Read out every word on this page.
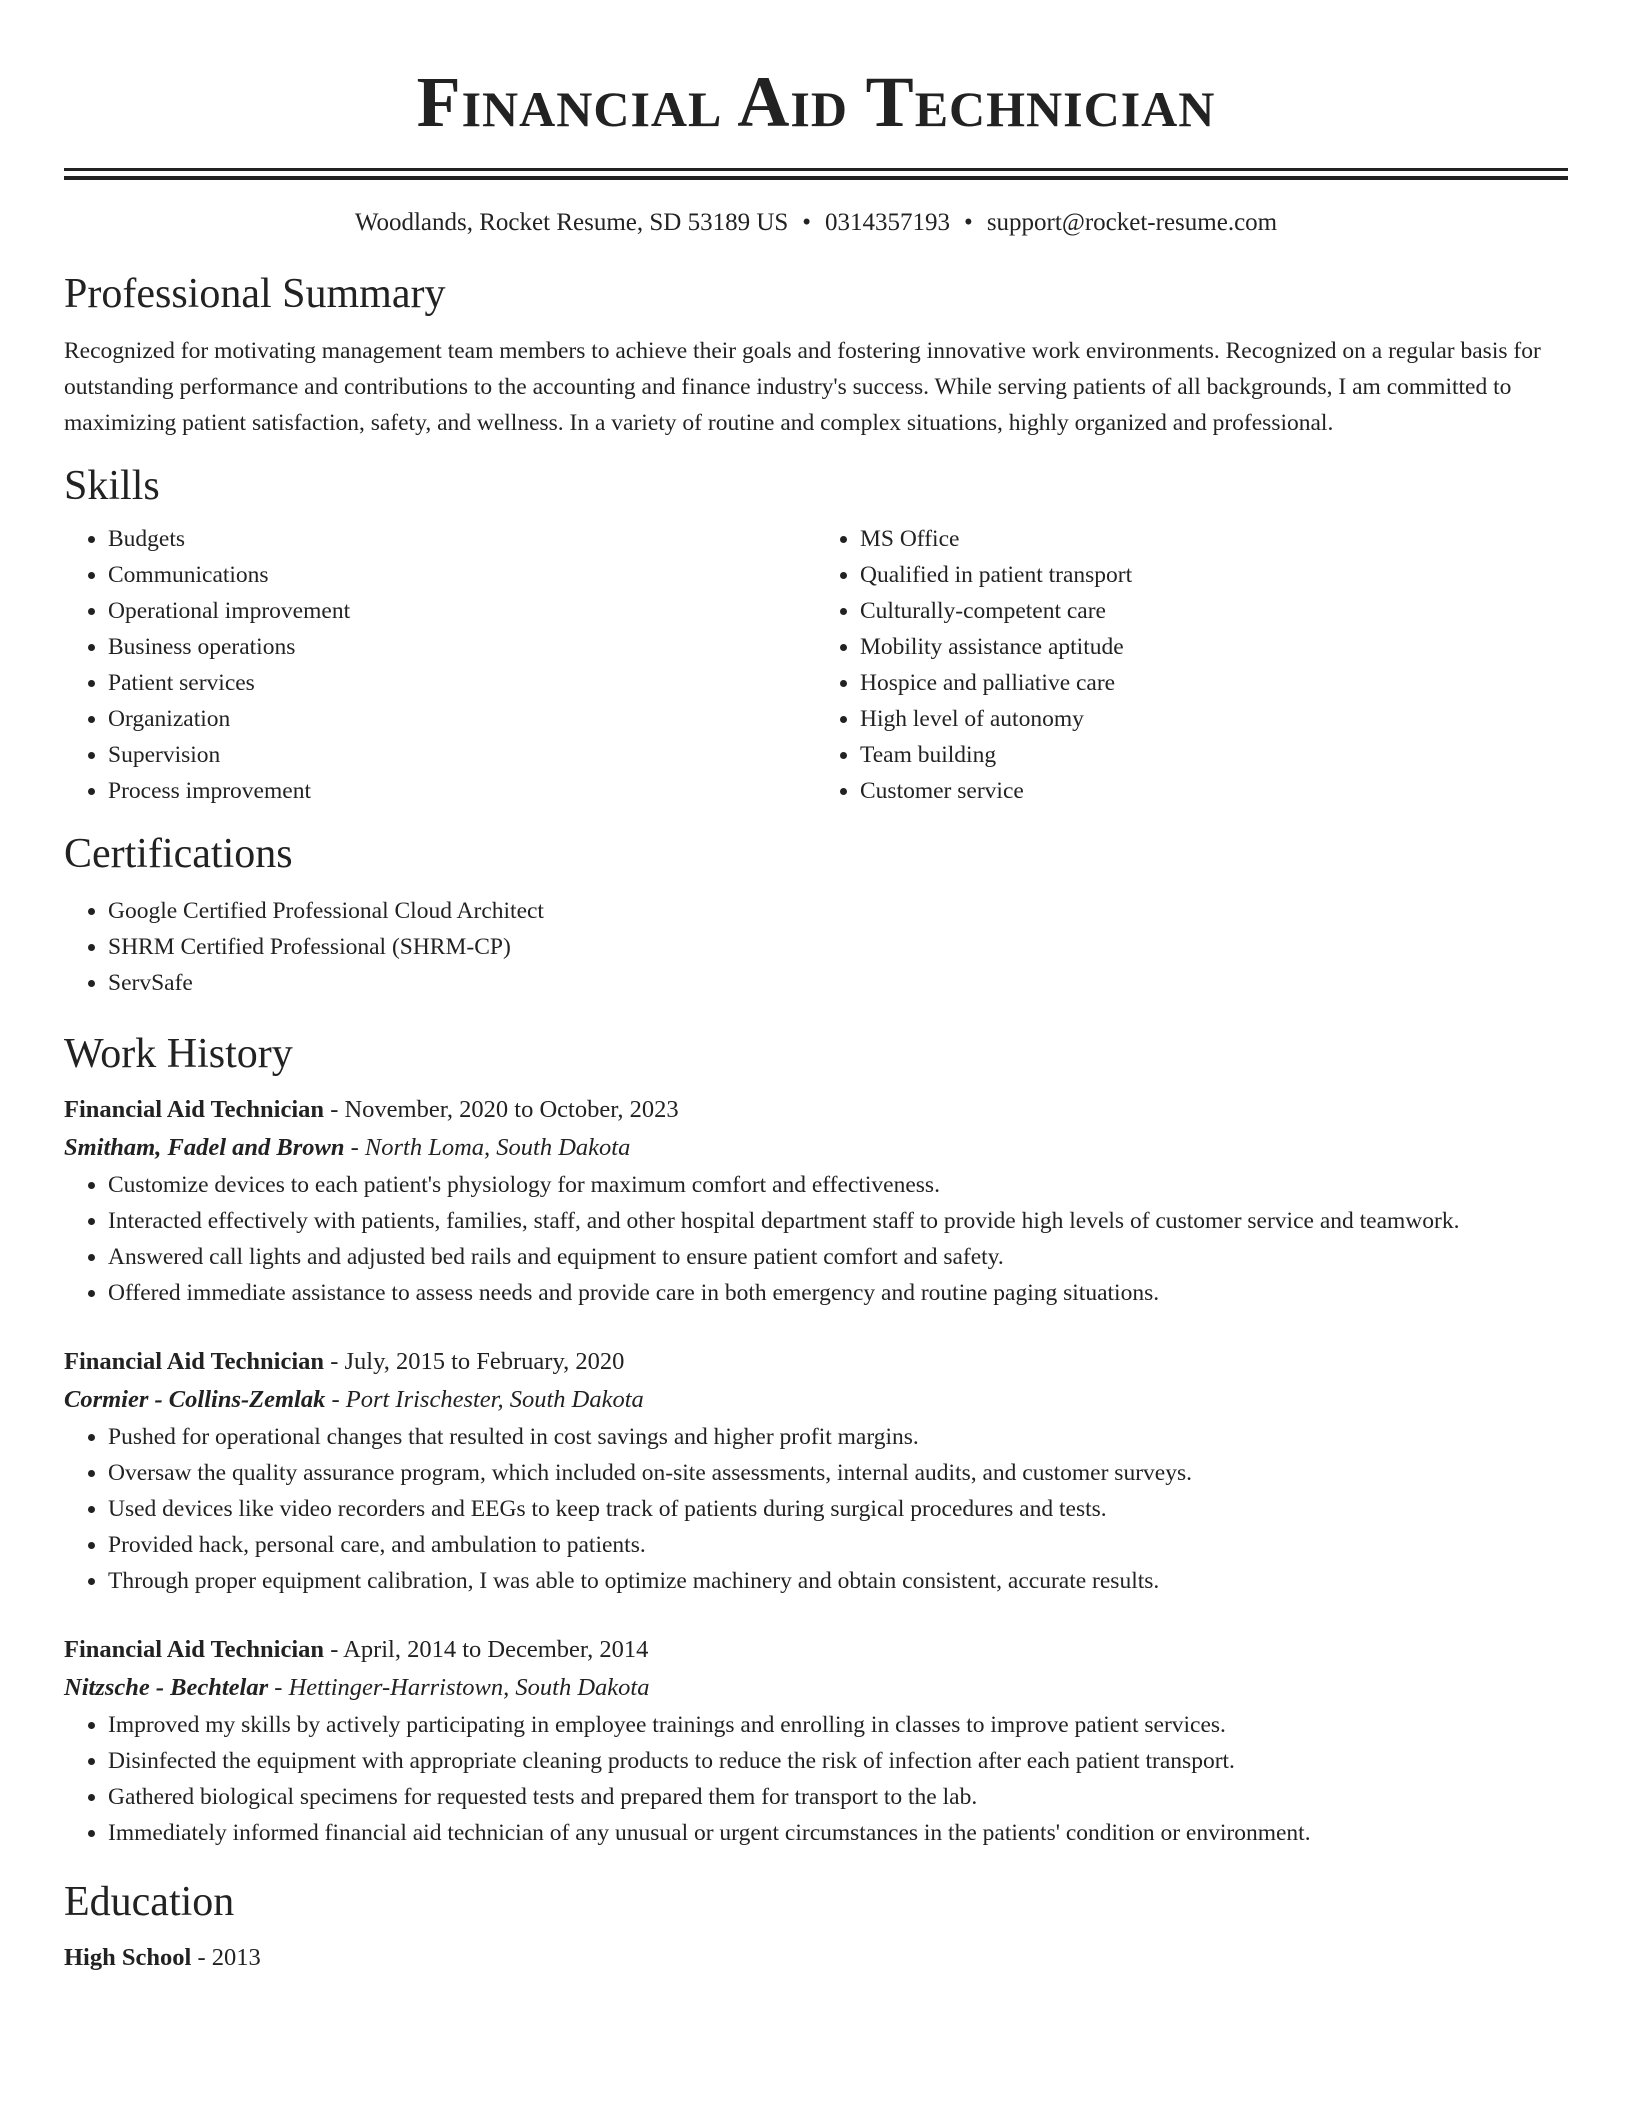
Financial Aid Technician
Woodlands, Rocket Resume, SD 53189 US • 0314357193 • support@rocket-resume.com
Professional Summary

Recognized for motivating management team members to achieve their goals and fostering innovative work environments. Recognized on a regular basis for outstanding performance and contributions to the accounting and finance industry's success. While serving patients of all backgrounds, I am committed to maximizing patient satisfaction, safety, and wellness. In a variety of routine and complex situations, highly organized and professional.

Skills
• Budgets
• Communications
• Operational improvement
• Business operations
• Patient services
• Organization
• Supervision
• Process improvement
• MS Office
• Qualified in patient transport
• Culturally-competent care
• Mobility assistance aptitude
• Hospice and palliative care
• High level of autonomy
• Team building
• Customer service
Certifications
• Google Certified Professional Cloud Architect
• SHRM Certified Professional (SHRM-CP)
• ServSafe
Work History
Financial Aid Technician - November, 2020 to October, 2023
Smitham, Fadel and Brown - North Loma, South Dakota
• Customize devices to each patient's physiology for maximum comfort and effectiveness.
• Interacted effectively with patients, families, staff, and other hospital department staff to provide high levels of customer service and teamwork.
• Answered call lights and adjusted bed rails and equipment to ensure patient comfort and safety.
• Offered immediate assistance to assess needs and provide care in both emergency and routine paging situations.
Financial Aid Technician - July, 2015 to February, 2020
Cormier - Collins-Zemlak - Port Irischester, South Dakota
• Pushed for operational changes that resulted in cost savings and higher profit margins.
• Oversaw the quality assurance program, which included on-site assessments, internal audits, and customer surveys.
• Used devices like video recorders and EEGs to keep track of patients during surgical procedures and tests.
• Provided hack, personal care, and ambulation to patients.
• Through proper equipment calibration, I was able to optimize machinery and obtain consistent, accurate results.
Financial Aid Technician - April, 2014 to December, 2014
Nitzsche - Bechtelar - Hettinger-Harristown, South Dakota
• Improved my skills by actively participating in employee trainings and enrolling in classes to improve patient services.
• Disinfected the equipment with appropriate cleaning products to reduce the risk of infection after each patient transport.
• Gathered biological specimens for requested tests and prepared them for transport to the lab.
• Immediately informed financial aid technician of any unusual or urgent circumstances in the patients' condition or environment.
Education
High School - 2013
